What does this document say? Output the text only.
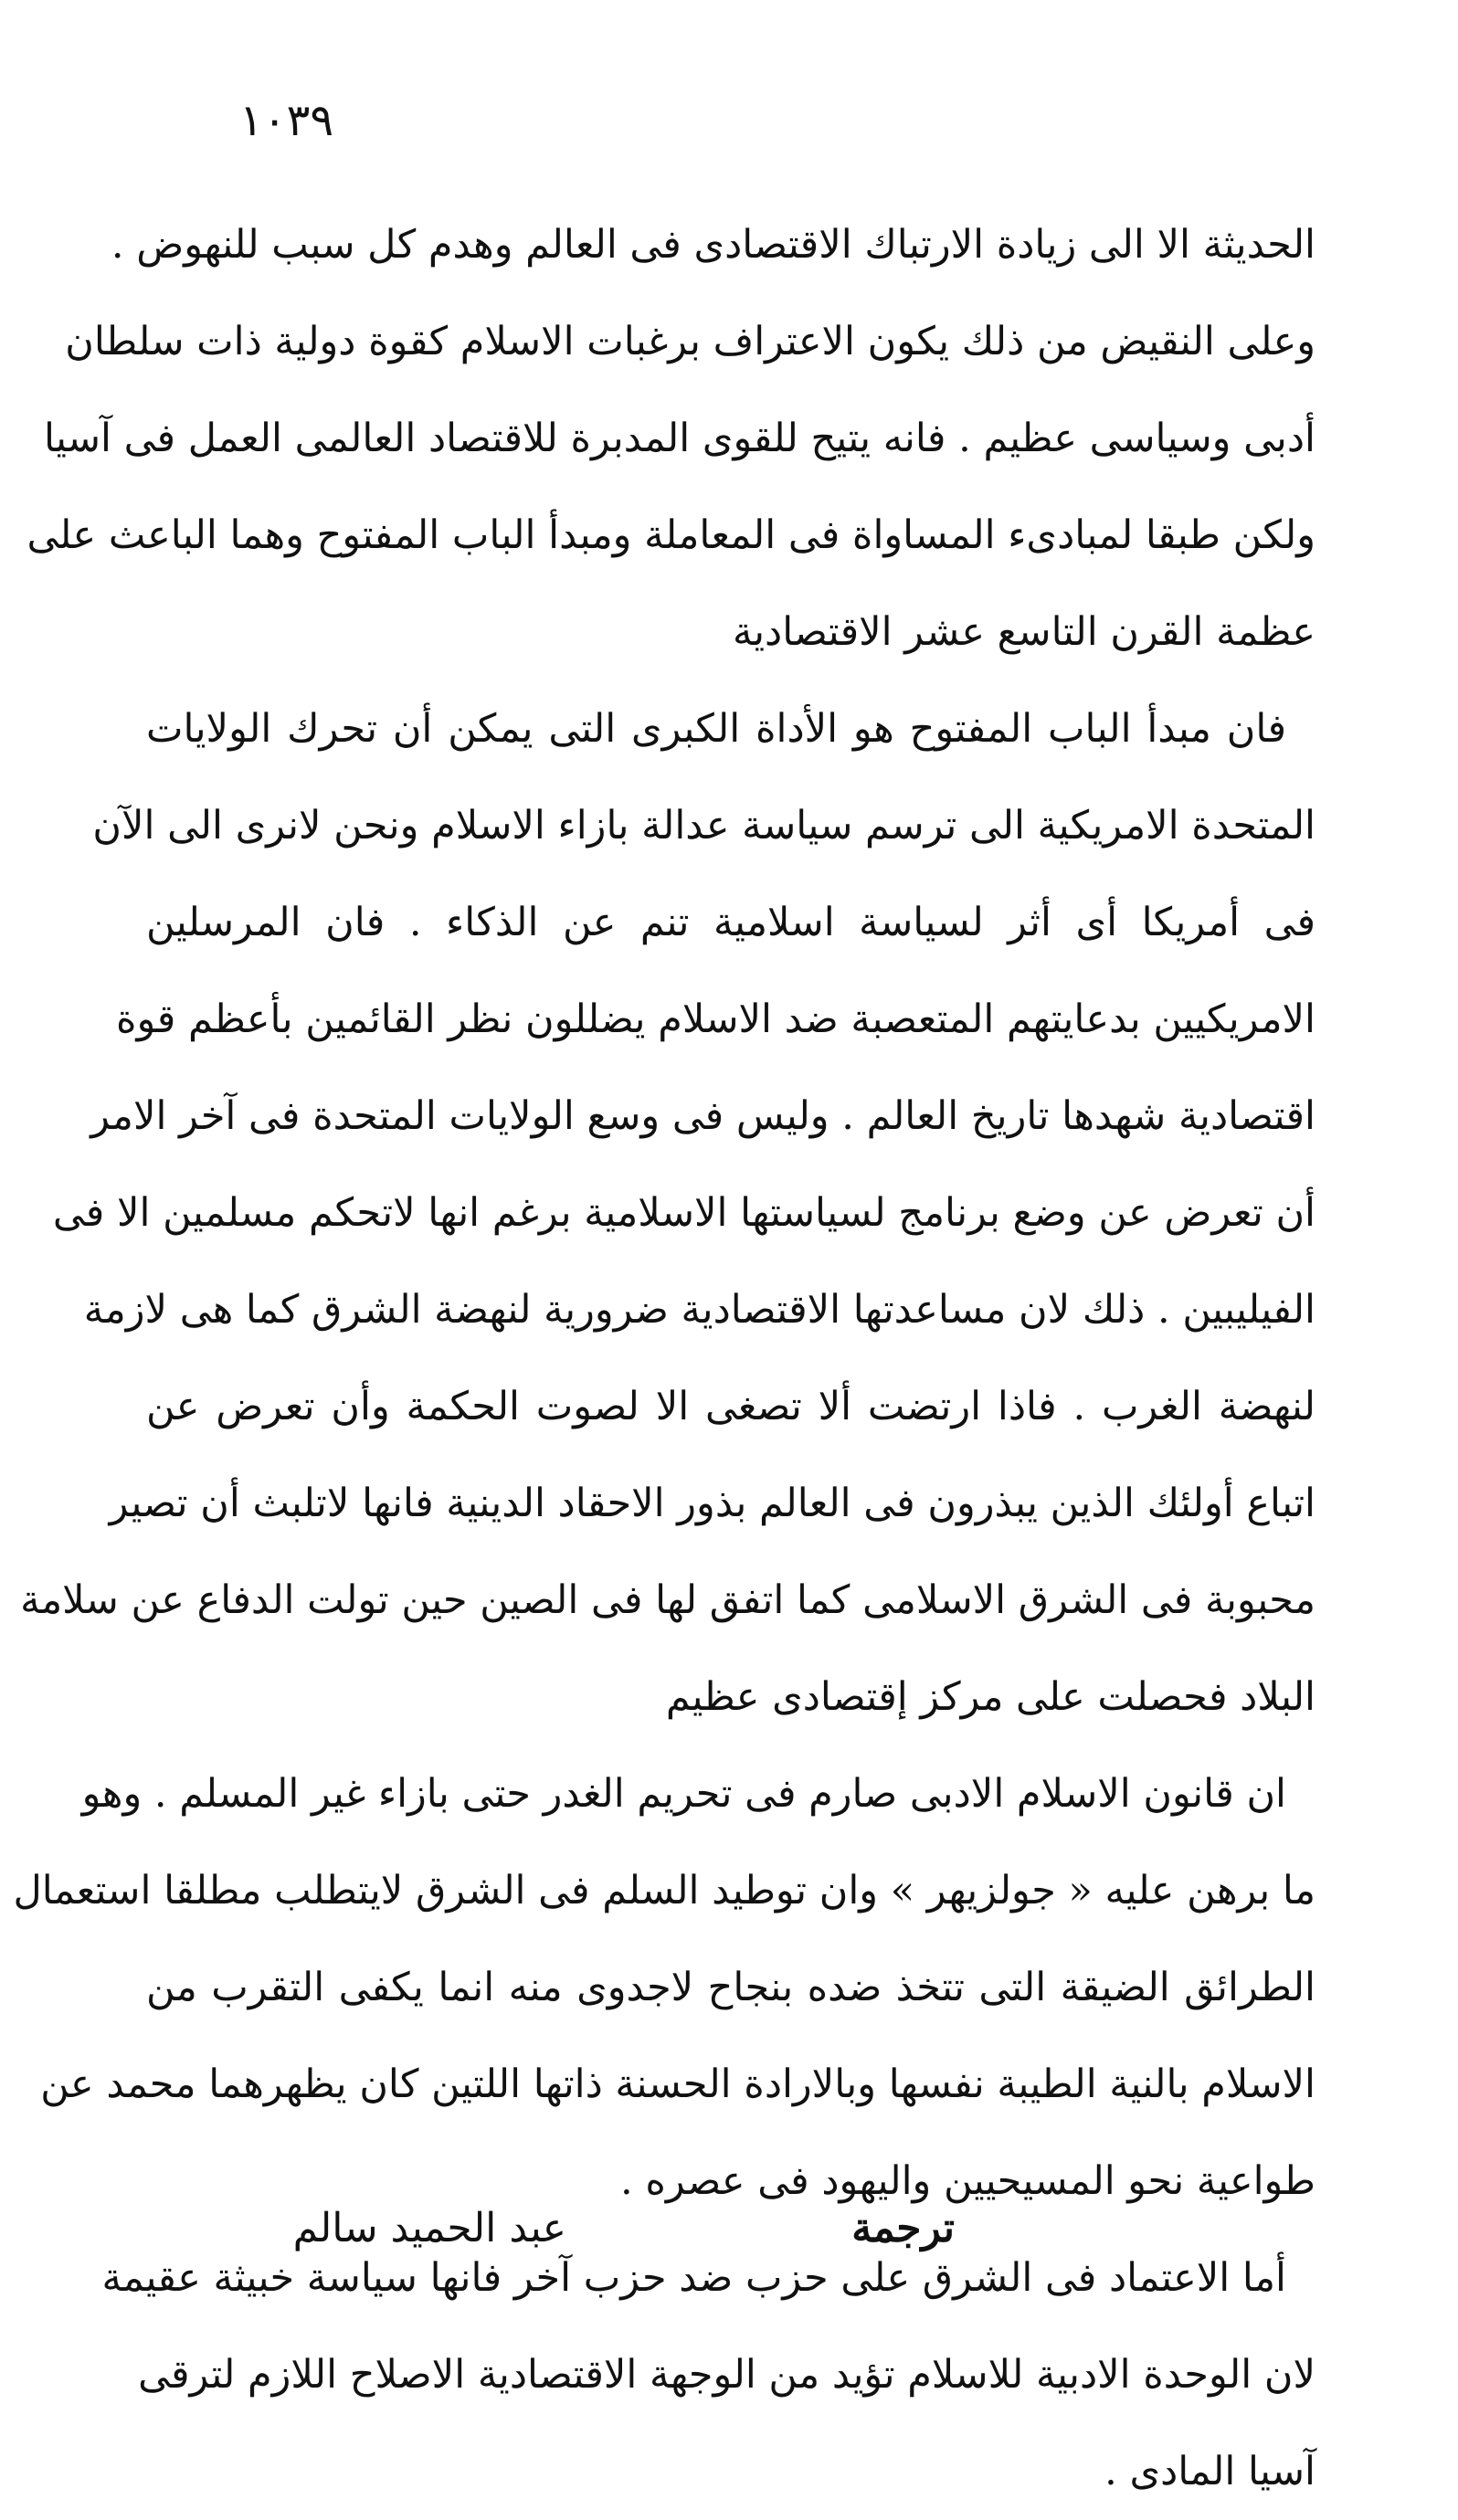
١٠٣٩
الحديثة الا الى زيادة الارتباك الاقتصادى فى العالم وهدم كل سبب للنهوض .
وعلى النقيض من ذلك يكون الاعتراف برغبات الاسلام كقوة دولية ذات سلطان
أدبى وسياسى عظيم . فانه يتيح للقوى المدبرة للاقتصاد العالمى العمل فى آسيا
ولكن طبقا لمبادىء المساواة فى المعاملة ومبدأ الباب المفتوح وهما الباعث على
عظمة القرن التاسع عشر الاقتصادية
فان مبدأ الباب المفتوح هو الأداة الكبرى التى يمكن أن تحرك الولايات
المتحدة الامريكية الى ترسم سياسة عدالة بازاء الاسلام ونحن لانرى الى الآن
فى أمريكا أى أثر لسياسة اسلامية تنم عن الذكاء . فان المرسلين
الامريكيين بدعايتهم المتعصبة ضد الاسلام يضللون نظر القائمين بأعظم قوة
اقتصادية شهدها تاريخ العالم . وليس فى وسع الولايات المتحدة فى آخر الامر
أن تعرض عن وضع برنامج لسياستها الاسلامية برغم انها لاتحكم مسلمين الا فى
الفيليبين . ذلك لان مساعدتها الاقتصادية ضرورية لنهضة الشرق كما هى لازمة
لنهضة الغرب . فاذا ارتضت ألا تصغى الا لصوت الحكمة وأن تعرض عن
اتباع أولئك الذين يبذرون فى العالم بذور الاحقاد الدينية فانها لاتلبث أن تصير
محبوبة فى الشرق الاسلامى كما اتفق لها فى الصين حين تولت الدفاع عن سلامة
البلاد فحصلت على مركز إقتصادى عظيم
ان قانون الاسلام الادبى صارم فى تحريم الغدر حتى بازاء غير المسلم . وهو
ما برهن عليه « جولزيهر » وان توطيد السلم فى الشرق لايتطلب مطلقا استعمال
الطرائق الضيقة التى تتخذ ضده بنجاح لاجدوى منه انما يكفى التقرب من
الاسلام بالنية الطيبة نفسها وبالارادة الحسنة ذاتها اللتين كان يظهرهما محمد عن
طواعية نحو المسيحيين واليهود فى عصره .
أما الاعتماد فى الشرق على حزب ضد حزب آخر فانها سياسة خبيثة عقيمة
لان الوحدة الادبية للاسلام تؤيد من الوجهة الاقتصادية الاصلاح اللازم لترقى
آسيا المادى .
ترجمة
عبد الحميد سالم
